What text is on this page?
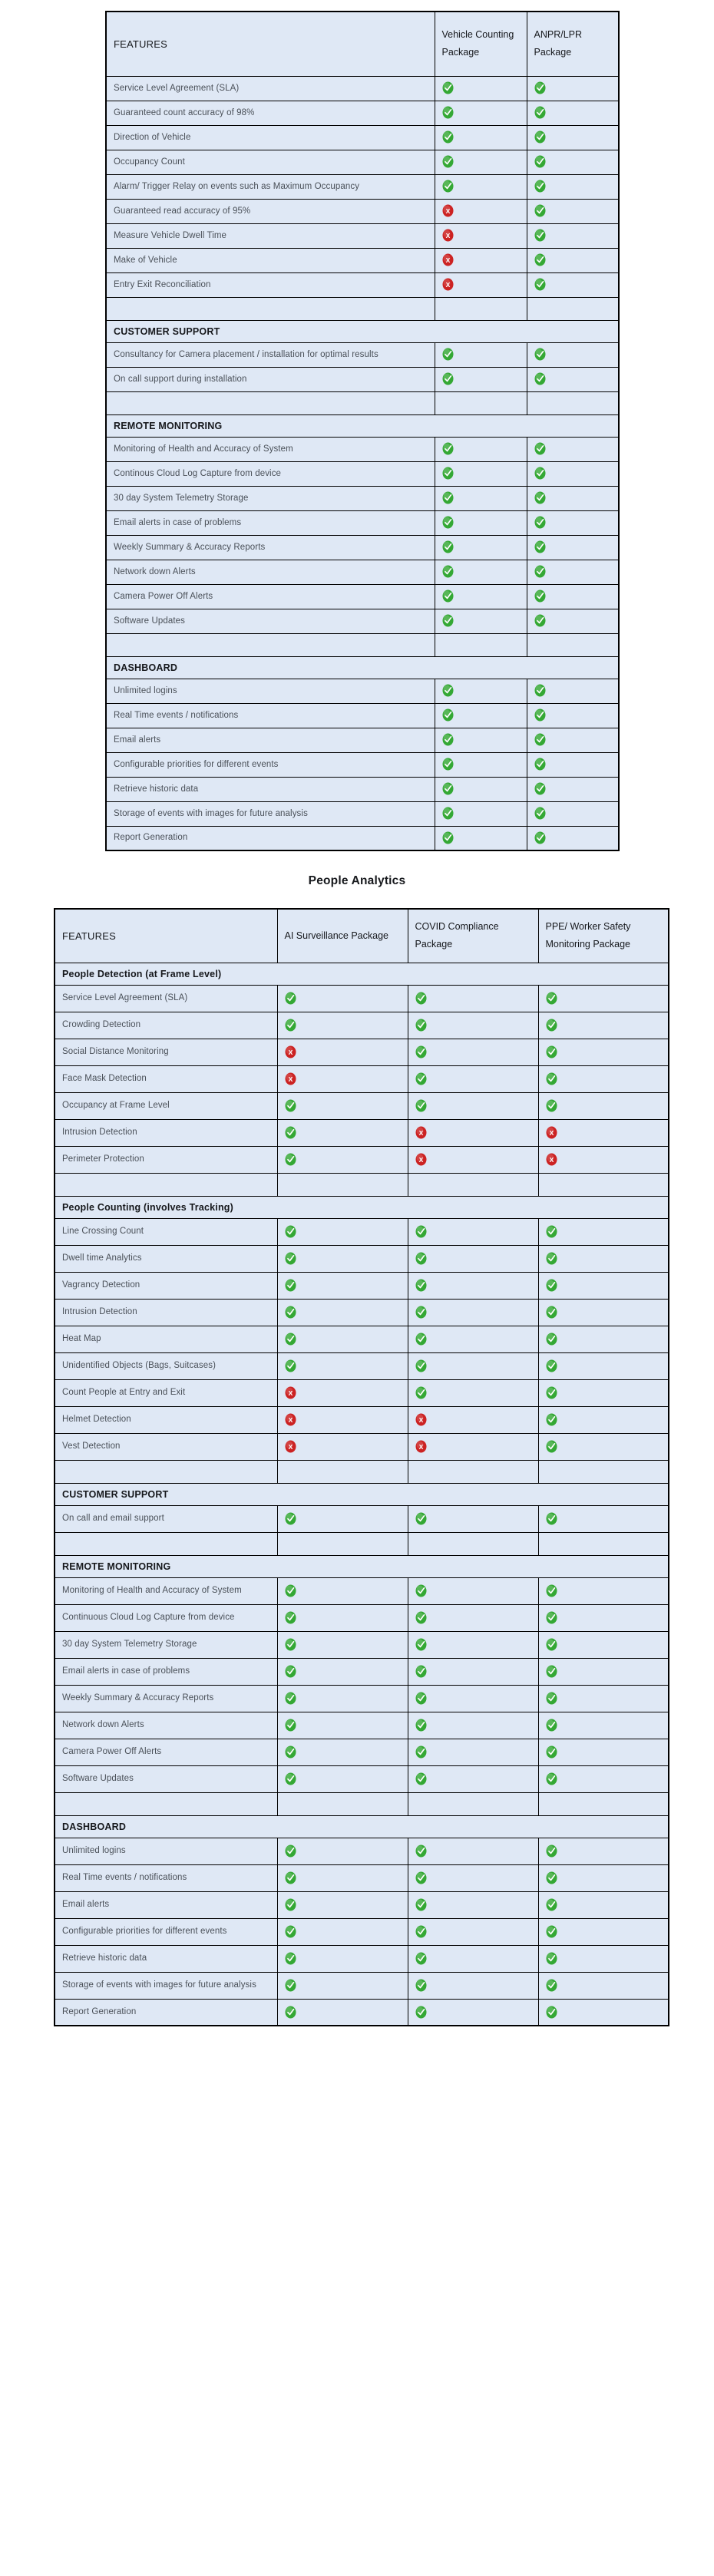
FEATURES	Vehicle Counting Package	ANPR/LPR Package
Service Level Agreement (SLA)	

Guaranteed count accuracy of 98%	

Direction of Vehicle	

Occupancy Count	

Alarm/ Trigger Relay on events such as Maximum Occupancy	

Guaranteed read accuracy of 95%	X

Measure Vehicle Dwell Time	X

Make of Vehicle	X

Entry Exit Reconciliation	X

CUSTOMER SUPPORT		
Consultancy for Camera placement / installation for optimal results	

On call support during installation	

REMOTE MONITORING		
Monitoring of Health and Accuracy of System	

Continous Cloud Log Capture from device	

30 day System Telemetry Storage	

Email alerts in case of problems	

Weekly Summary & Accuracy Reports	

Network down Alerts	

Camera Power Off Alerts	

Software Updates	

DASHBOARD		
Unlimited logins	

Real Time events / notifications	

Email alerts	

Configurable priorities for different events	

Retrieve historic data	

Storage of events with images for future analysis	

Report Generation	

People Analytics
FEATURES	AI Surveillance Package	COVID Compliance Package	PPE/ Worker Safety Monitoring Package
People Detection (at Frame Level)			
Service Level Agreement (SLA)	

Crowding Detection	

Social Distance Monitoring	X

Face Mask Detection	X

Occupancy at Frame Level	

Intrusion Detection		X	X

Perimeter Protection		X	X

People Counting (involves Tracking)			
Line Crossing Count	

Dwell time Analytics	

Vagrancy Detection	

Intrusion Detection	

Heat Map	

Unidentified Objects (Bags, Suitcases)	

Count People at Entry and Exit	X

Helmet Detection	X	X

Vest Detection	X	X

CUSTOMER SUPPORT			
On call and email support	

REMOTE MONITORING			
Monitoring of Health and Accuracy of System	

Continuous Cloud Log Capture from device	

30 day System Telemetry Storage	

Email alerts in case of problems	

Weekly Summary & Accuracy Reports	

Network down Alerts	

Camera Power Off Alerts	

Software Updates	

DASHBOARD			
Unlimited logins	

Real Time events / notifications	

Email alerts	

Configurable priorities for different events	

Retrieve historic data	

Storage of events with images for future analysis	

Report Generation	
